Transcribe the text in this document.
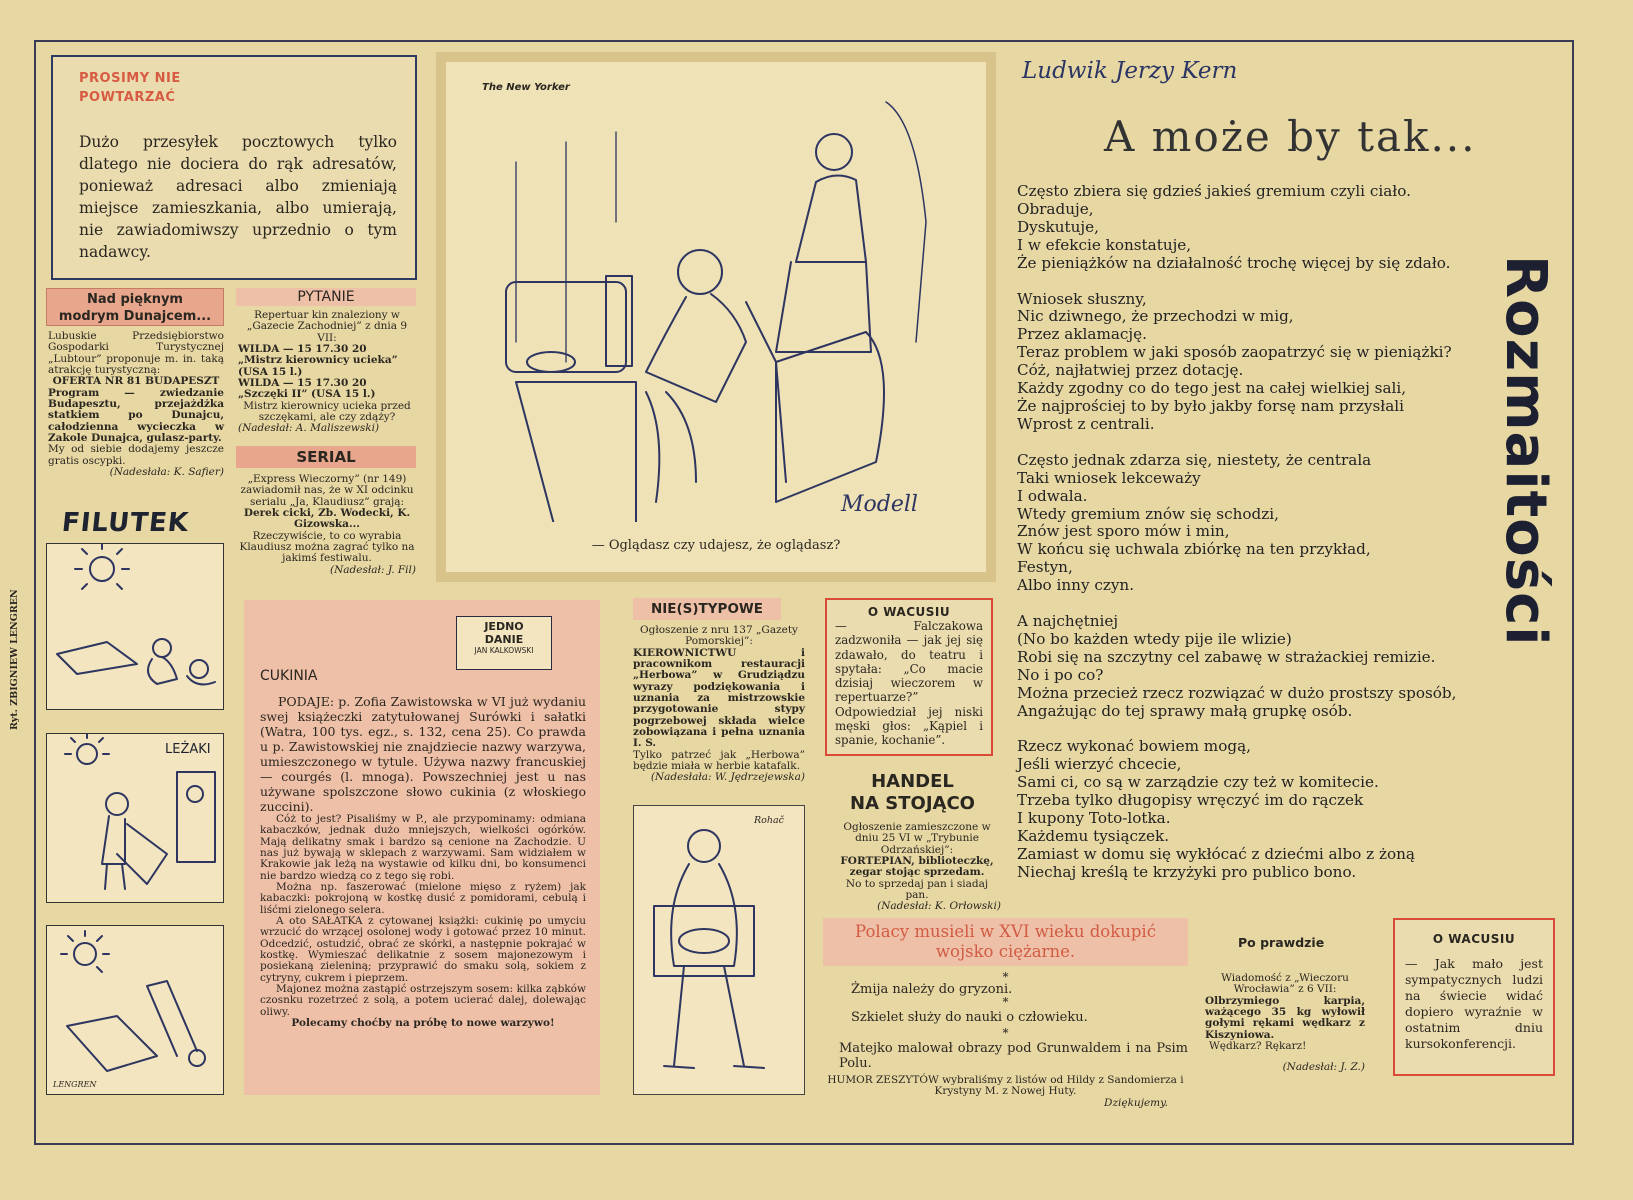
PROSIMY NIE
POWTARZAĆ
Dużo przesyłek pocztowych tylko dlatego nie dociera do rąk adresatów, ponieważ adresaci albo zmieniają miejsce zamieszkania, albo umierają, nie zawiadomiwszy uprzednio o tym nadawcy.
Nad pięknym modrym Dunajcem...
Lubuskie Przedsiębiorstwo Gospodarki Turystycznej „Lubtour” proponuje m. in. taką atrakcję turystyczną:
OFERTA NR 81 BUDAPESZT
Program — zwiedzanie Budapesztu, przejażdżka statkiem po Dunajcu, całodzienna wycieczka w Zakole Dunajca, gulasz-party.
My od siebie dodajemy jeszcze gratis oscypki.
(Nadesłała: K. Safier)
PYTANIE
Repertuar kin znaleziony w „Gazecie Zachodniej” z dnia 9 VII:
WILDA — 15 17.30 20
„Mistrz kierownicy ucieka” (USA 15 l.)
WILDA — 15 17.30 20
„Szczęki II” (USA 15 l.)
Mistrz kierownicy ucieka przed szczękami, ale czy zdąży?
(Nadesłał: A. Maliszewski)
SERIAL
„Express Wieczorny” (nr 149) zawiadomił nas, że w XI odcinku serialu „Ja, Klaudiusz” grają:
Derek cicki, Zb. Wodecki, K. Gizowska...
Rzeczywiście, to co wyrabia Klaudiusz można zagrać tylko na jakimś festiwalu.
(Nadesłał: J. Fil)
FILUTEK
Ryt. ZBIGNIEW LENGREN
LEŻAKI
LENGREN
The New Yorker
Modell
— Oglądasz czy udajesz, że oglądasz?
JEDNO
DANIE
JAN KALKOWSKI
CUKINIA
PODAJE: p. Zofia Zawistowska w VI już wydaniu swej książeczki zatytułowanej Surówki i sałatki (Watra, 100 tys. egz., s. 132, cena 25). Co prawda u p. Zawistowskiej nie znajdziecie nazwy warzywa, umieszczonego w tytule. Używa nazwy francuskiej — courgés (l. mnoga). Powszechniej jest u nas używane spolszczone słowo cukinia (z włoskiego zuccini).
Cóż to jest? Pisaliśmy w P., ale przypominamy: odmiana kabaczków, jednak dużo mniejszych, wielkości ogórków. Mają delikatny smak i bardzo są cenione na Zachodzie. U nas już bywają w sklepach z warzywami. Sam widziałem w Krakowie jak leżą na wystawie od kilku dni, bo konsumenci nie bardzo wiedzą co z tego się robi.
Można np. faszerować (mielone mięso z ryżem) jak kabaczki: pokrojoną w kostkę dusić z pomidorami, cebulą i liśćmi zielonego selera.
A oto SAŁATKA z cytowanej książki: cukinię po umyciu wrzucić do wrzącej osolonej wody i gotować przez 10 minut. Odcedzić, ostudzić, obrać ze skórki, a następnie pokrajać w kostkę. Wymieszać delikatnie z sosem majonezowym i posiekaną zieleniną; przyprawić do smaku solą, sokiem z cytryny, cukrem i pieprzem.
Majonez można zastąpić ostrzejszym sosem: kilka ząbków czosnku rozetrzeć z solą, a potem ucierać dalej, dolewając oliwy.
Polecamy choćby na próbę to nowe warzywo!
NIE(S)TYPOWE
Ogłoszenie z nru 137 „Gazety Pomorskiej”:
KIEROWNICTWU i pracownikom restauracji „Herbowa” w Grudziądzu wyrazy podziękowania i uznania za mistrzowskie przygotowanie stypy pogrzebowej składa wielce zobowiązana i pełna uznania I. S.
Tylko patrzeć jak „Herbowa” będzie miała w herbie katafalk.
(Nadesłała: W. Jędrzejewska)
Rohač
O WACUSIU
— Falczakowa zadzwoniła — jak jej się zdawało, do teatru i spytała: „Co macie dzisiaj wieczorem w repertuarze?” Odpowiedział jej niski męski głos: „Kąpiel i spanie, kochanie”.
HANDEL
NA STOJĄCO
Ogłoszenie zamieszczone w dniu 25 VI w „Trybunie Odrzańskiej”:
FORTEPIAN, biblioteczkę, zegar stojąc sprzedam.
No to sprzedaj pan i siadaj pan.
(Nadesłał: K. Orłowski)
Ludwik Jerzy Kern
A może by tak...

Często zbiera się gdzieś jakieś gremium czyli ciało.
Obraduje,
Dyskutuje,
I w efekcie konstatuje,
Że pieniążków na działalność trochę więcej by się zdało.

Wniosek słuszny,
Nic dziwnego, że przechodzi w mig,
Przez aklamację.
Teraz problem w jaki sposób zaopatrzyć się w pieniążki?
Cóż, najłatwiej przez dotację.
Każdy zgodny co do tego jest na całej wielkiej sali,
Że najprościej to by było jakby forsę nam przysłali
Wprost z centrali.

Często jednak zdarza się, niestety, że centrala
Taki wniosek lekceważy
I odwala.
Wtedy gremium znów się schodzi,
Znów jest sporo mów i min,
W końcu się uchwala zbiórkę na ten przykład,
Festyn,
Albo inny czyn.

A najchętniej
(No bo każden wtedy pije ile wlizie)
Robi się na szczytny cel zabawę w strażackiej remizie.
No i po co?
Można przecież rzecz rozwiązać w dużo prostszy sposób,
Angażując do tej sprawy małą grupkę osób.

Rzecz wykonać bowiem mogą,
Jeśli wierzyć chcecie,
Sami ci, co są w zarządzie czy też w komitecie.
Trzeba tylko długopisy wręczyć im do rączek
I kupony Toto-lotka.
Każdemu tysiączek.
Zamiast w domu się wykłócać z dziećmi albo z żoną
Niechaj kreślą te krzyżyki pro publico bono.

Rozmaitości
Polacy musieli w XVI wieku dokupić wojsko ciężarne.
*
Żmija należy do gryzoni.
*
Szkielet służy do nauki o człowieku.
*
Matejko malował obrazy pod Grunwaldem i na Psim Polu.
HUMOR ZESZYTÓW wybraliśmy z listów od Hildy z Sandomierza i Krystyny M. z Nowej Huty.
Dziękujemy.
Po prawdzie
Wiadomość z „Wieczoru Wrocławia” z 6 VII:
Olbrzymiego karpia, ważącego 35 kg wyłowił gołymi rękami wędkarz z Kiszyniowa.
Wędkarz? Rękarz!
(Nadesłał: J. Z.)
O WACUSIU
— Jak mało jest sympatycznych ludzi na świecie widać dopiero wyraźnie w ostatnim dniu kursokonferencji.
